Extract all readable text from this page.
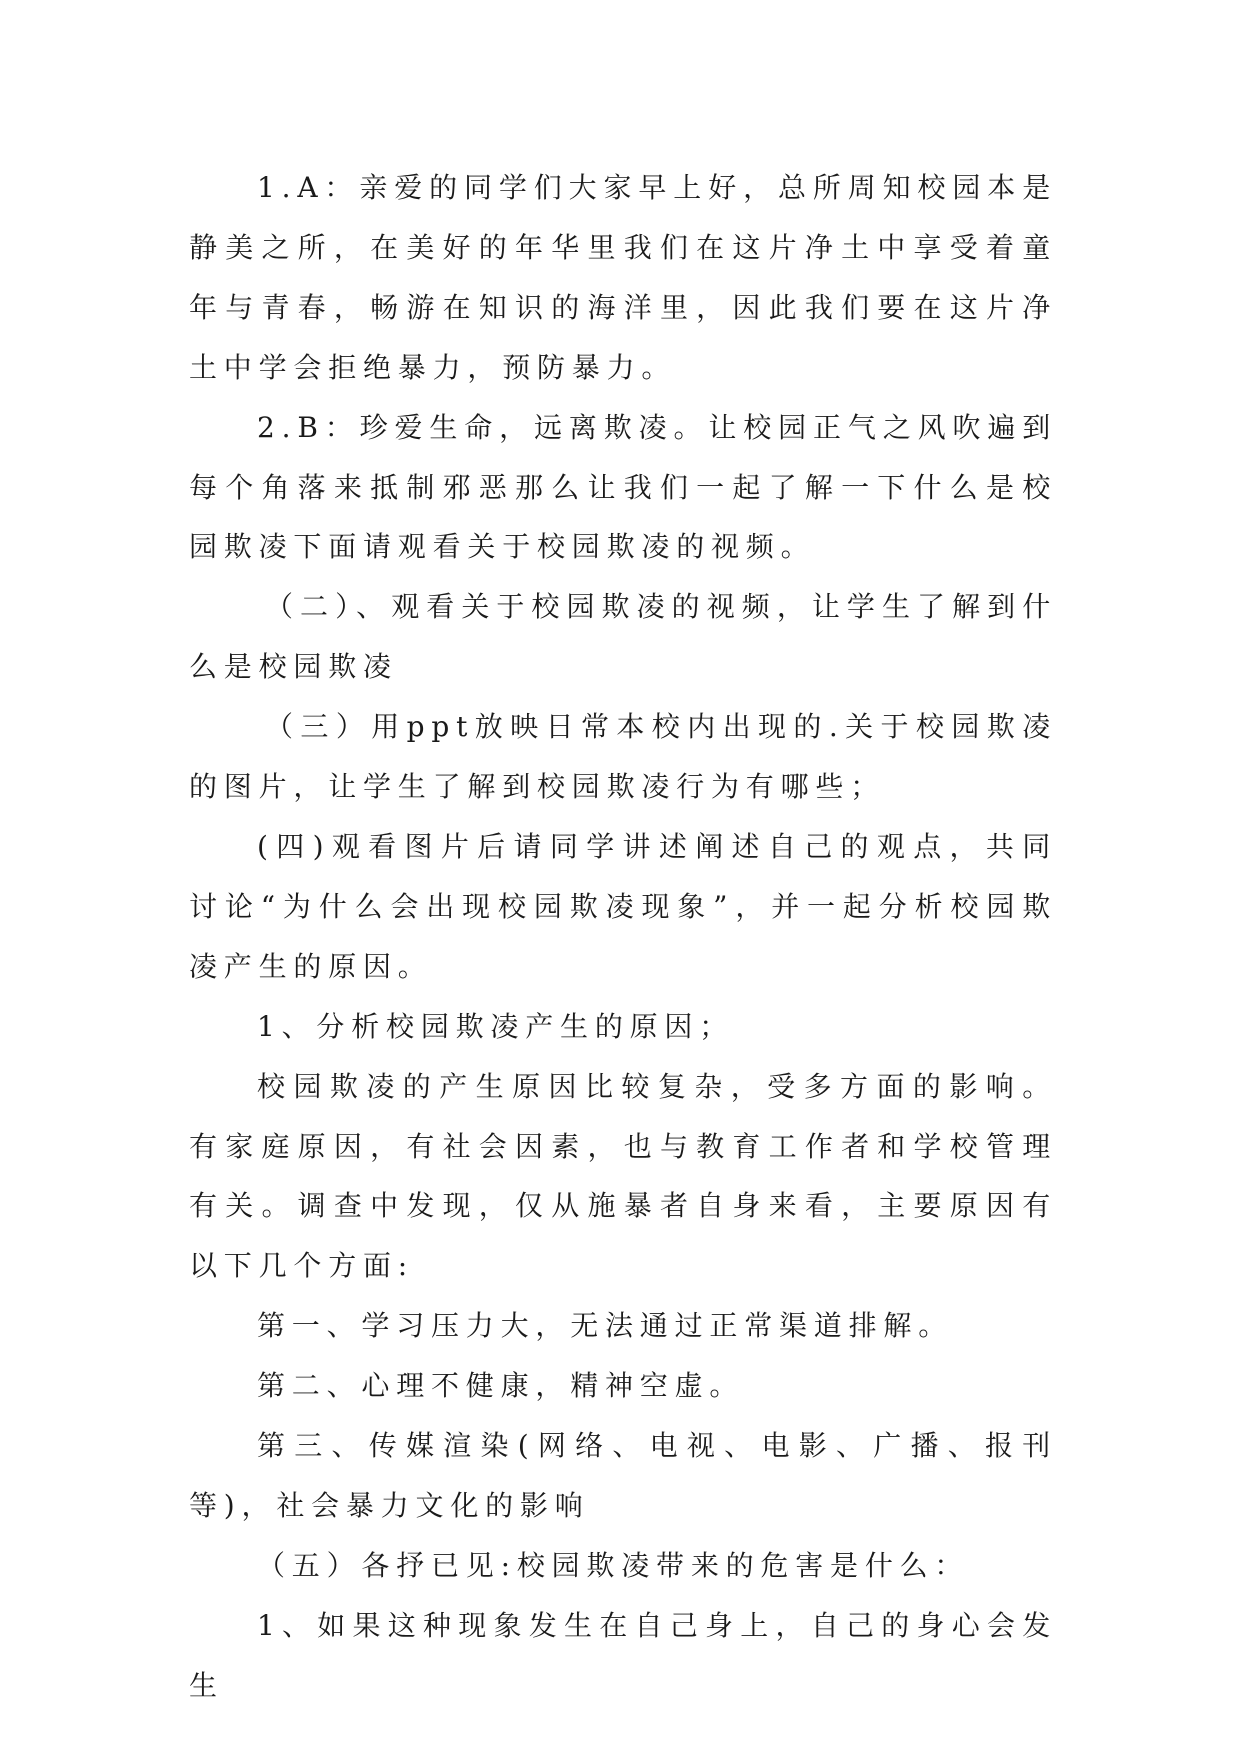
1.A：亲爱的同学们大家早上好，总所周知校园本是静美之所，在美好的年华里我们在这片净土中享受着童年与青春，畅游在知识的海洋里，因此我们要在这片净土中学会拒绝暴力，预防暴力。

2.B：珍爱生命，远离欺凌。让校园正气之风吹遍到每个角落来抵制邪恶那么让我们一起了解一下什么是校园欺凌下面请观看关于校园欺凌的视频。

（二）、观看关于校园欺凌的视频，让学生了解到什么是校园欺凌

（三）用ppt放映日常本校内出现的.关于校园欺凌的图片，让学生了解到校园欺凌行为有哪些；

(四)观看图片后请同学讲述阐述自己的观点，共同讨论“为什么会出现校园欺凌现象”，并一起分析校园欺凌产生的原因。

1、分析校园欺凌产生的原因；

校园欺凌的产生原因比较复杂，受多方面的影响。有家庭原因，有社会因素，也与教育工作者和学校管理有关。调查中发现，仅从施暴者自身来看，主要原因有以下几个方面:

第一、学习压力大，无法通过正常渠道排解。

第二、心理不健康，精神空虚。

第三、传媒渲染(网络、电视、电影、广播、报刊等)，社会暴力文化的影响

（五）各抒已见:校园欺凌带来的危害是什么：

1、如果这种现象发生在自己身上，自己的身心会发生
